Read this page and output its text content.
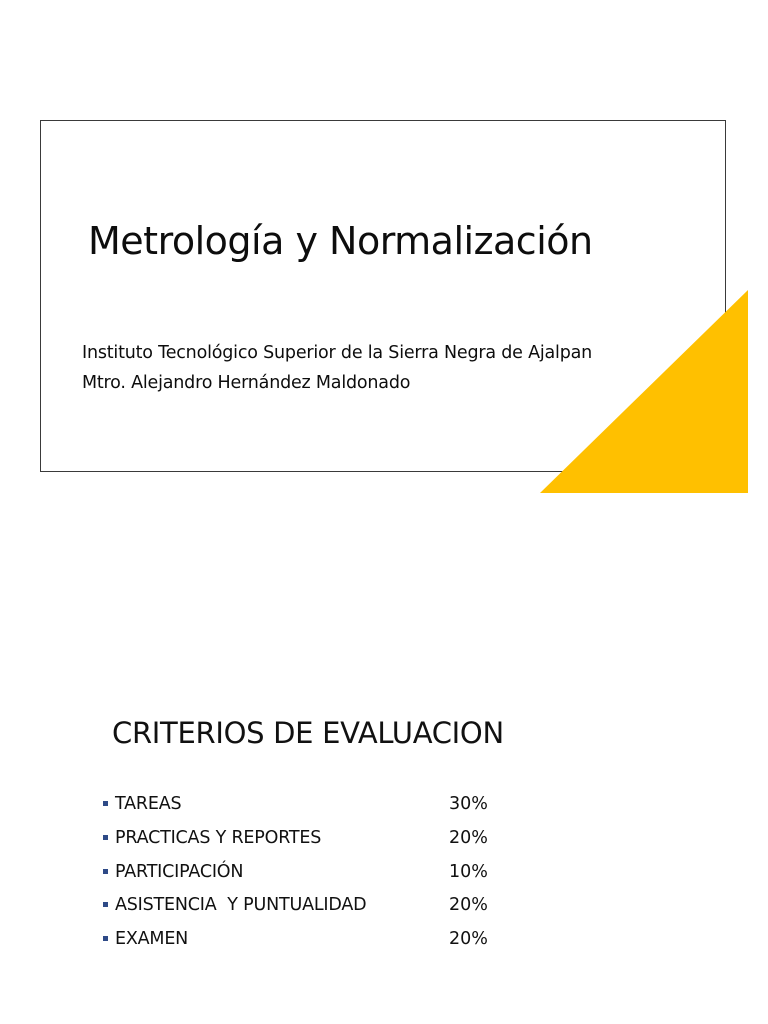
Metrología y Normalización
Instituto Tecnológico Superior de la Sierra Negra de Ajalpan
Mtro. Alejandro Hernández Maldonado
CRITERIOS DE EVALUACION
TAREAS	30%
PRACTICAS Y REPORTES	20%
PARTICIPACIÓN	10%
ASISTENCIA  Y PUNTUALIDAD	20%
EXAMEN	20%
